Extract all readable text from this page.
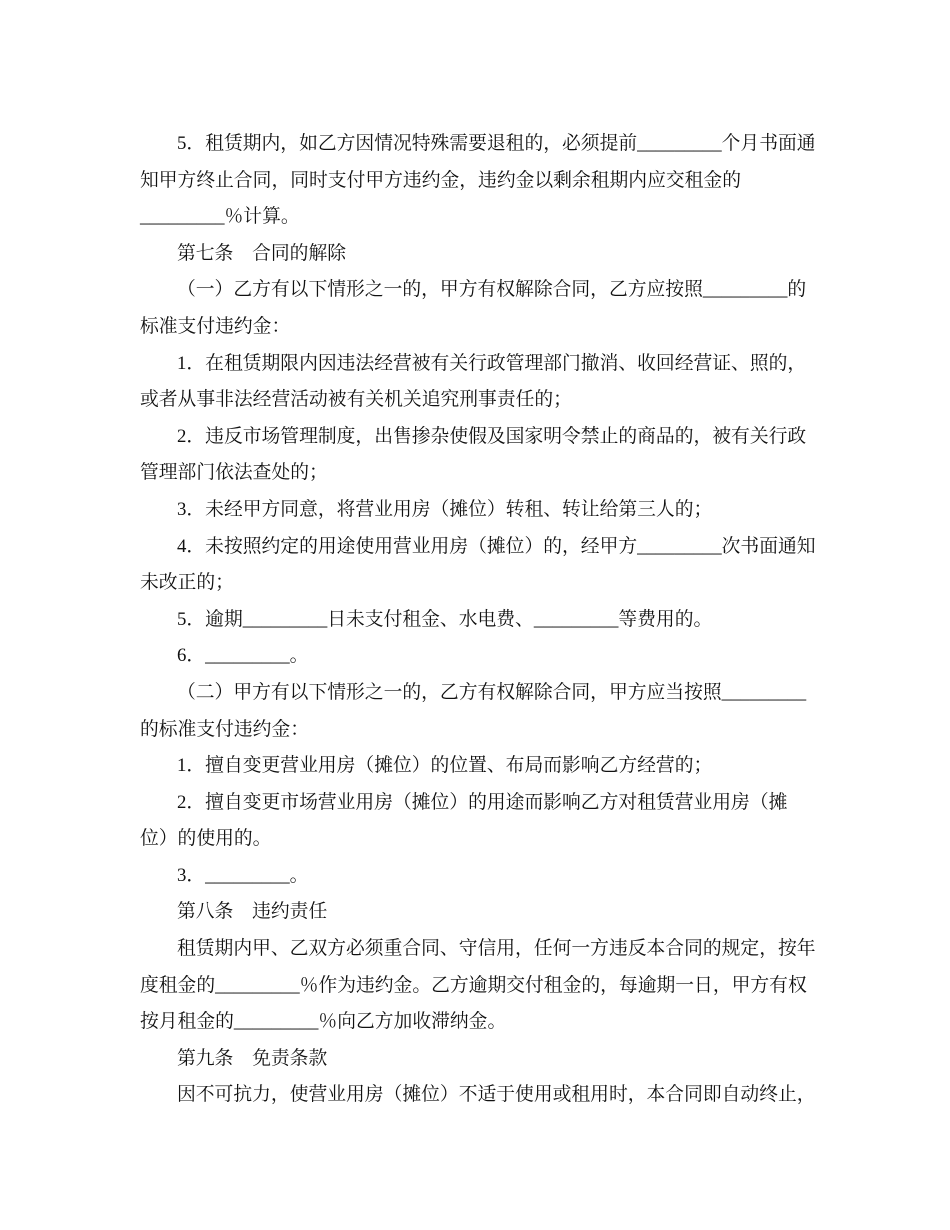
5．租赁期内，如乙方因情况特殊需要退租的，必须提前_________个月书面通
知甲方终止合同，同时支付甲方违约金，违约金以剩余租期内应交租金的
_________％计算。
第七条　合同的解除
（一）乙方有以下情形之一的，甲方有权解除合同，乙方应按照_________的
标准支付违约金：
1．在租赁期限内因违法经营被有关行政管理部门撤消、收回经营证、照的，
或者从事非法经营活动被有关机关追究刑事责任的；
2．违反市场管理制度，出售掺杂使假及国家明令禁止的商品的，被有关行政
管理部门依法查处的；
3．未经甲方同意，将营业用房（摊位）转租、转让给第三人的；
4．未按照约定的用途使用营业用房（摊位）的，经甲方_________次书面通知
未改正的；
5．逾期_________日未支付租金、水电费、_________等费用的。
6．_________。
（二）甲方有以下情形之一的，乙方有权解除合同，甲方应当按照_________
的标准支付违约金：
1．擅自变更营业用房（摊位）的位置、布局而影响乙方经营的；
2．擅自变更市场营业用房（摊位）的用途而影响乙方对租赁营业用房（摊
位）的使用的。
3．_________。
第八条　违约责任
租赁期内甲、乙双方必须重合同、守信用，任何一方违反本合同的规定，按年
度租金的_________％作为违约金。乙方逾期交付租金的，每逾期一日，甲方有权
按月租金的_________％向乙方加收滞纳金。
第九条　免责条款
因不可抗力，使营业用房（摊位）不适于使用或租用时，本合同即自动终止，
